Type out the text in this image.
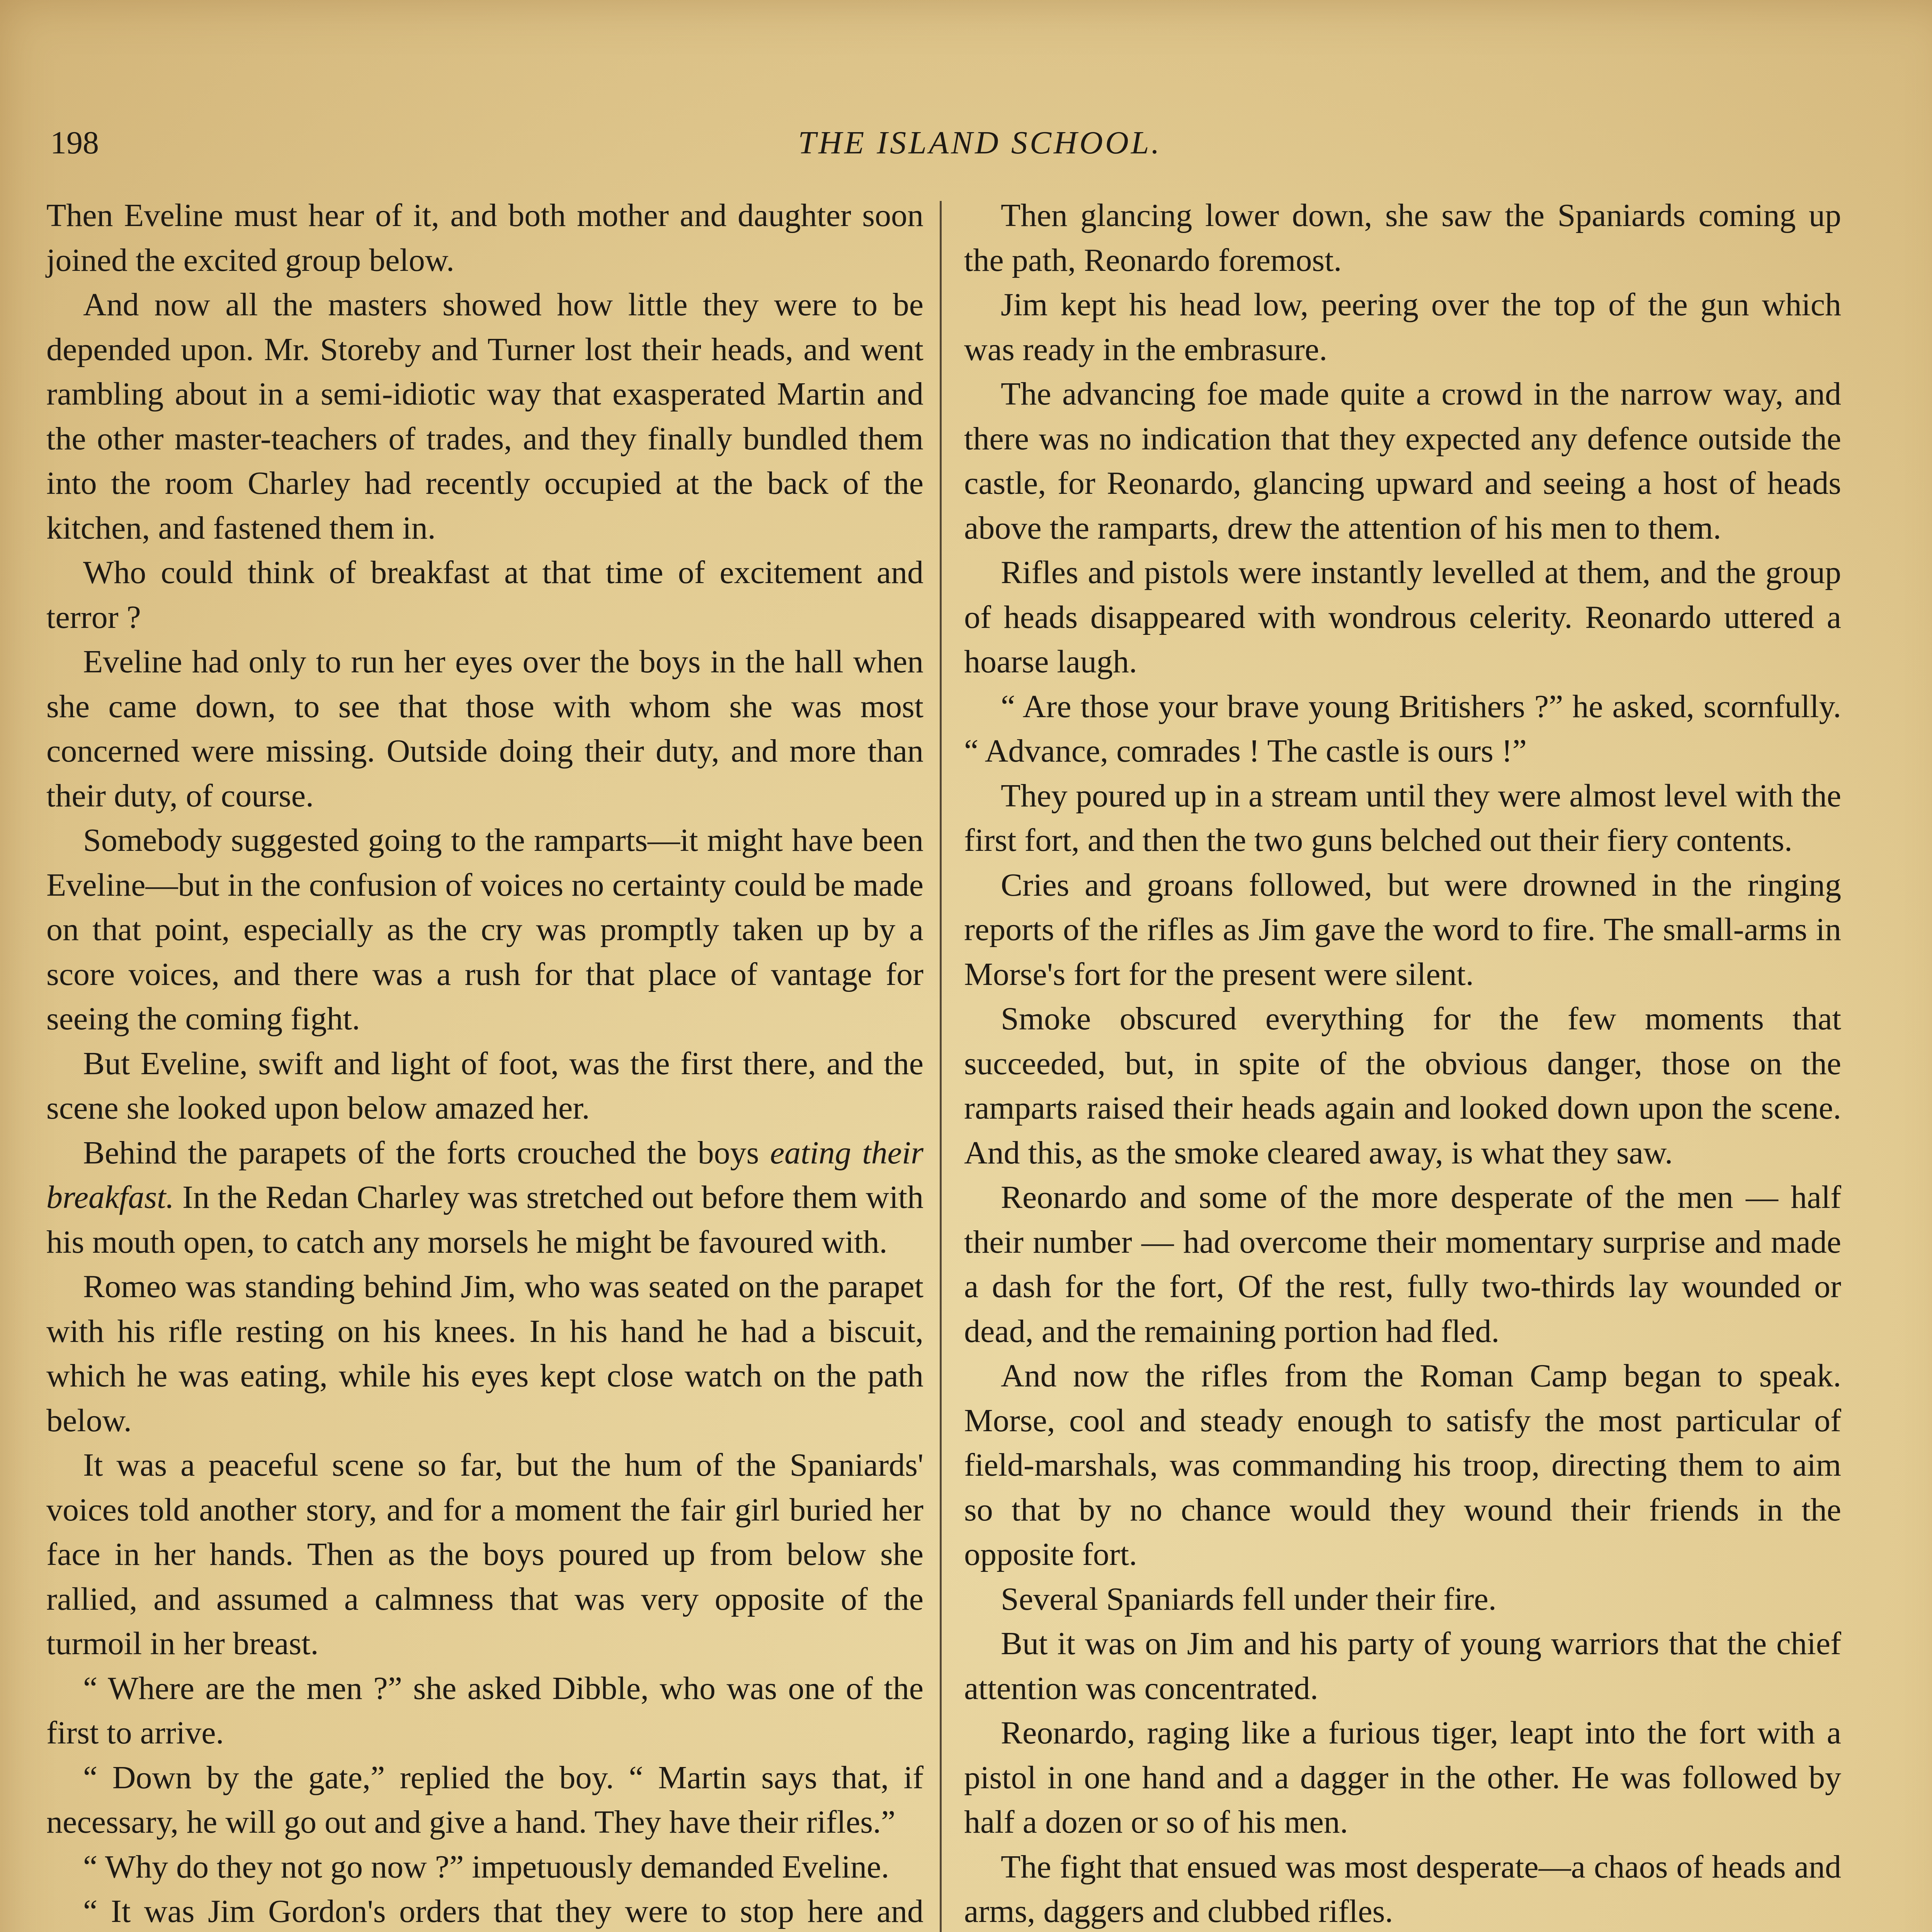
198	THE ISLAND SCHOOL.

Then Eveline must hear of it, and both mother and daughter soon joined the excited group below.

And now all the masters showed how little they were to be depended upon. Mr. Storeby and Turner lost their heads, and went rambling about in a semi-idiotic way that exasperated Martin and the other master-teachers of trades, and they finally bundled them into the room Charley had recently occupied at the back of the kitchen, and fastened them in.

Who could think of breakfast at that time of excitement and terror ?

Eveline had only to run her eyes over the boys in the hall when she came down, to see that those with whom she was most concerned were missing. Outside doing their duty, and more than their duty, of course.

Somebody suggested going to the ramparts—it might have been Eveline—but in the confusion of voices no certainty could be made on that point, especially as the cry was promptly taken up by a score voices, and there was a rush for that place of vantage for seeing the coming fight.

But Eveline, swift and light of foot, was the first there, and the scene she looked upon below amazed her.

Behind the parapets of the forts crouched the boys eating their breakfast. In the Redan Charley was stretched out before them with his mouth open, to catch any morsels he might be favoured with.

Romeo was standing behind Jim, who was seated on the parapet with his rifle resting on his knees. In his hand he had a biscuit, which he was eating, while his eyes kept close watch on the path below.

It was a peaceful scene so far, but the hum of the Spaniards' voices told another story, and for a moment the fair girl buried her face in her hands. Then as the boys poured up from below she rallied, and assumed a calmness that was very opposite of the turmoil in her breast.

“ Where are the men ?” she asked Dibble, who was one of the first to arrive.

“ Down by the gate,” replied the boy. “ Martin says that, if necessary, he will go out and give a hand. They have their rifles.”

“ Why do they not go now ?” impetuously demanded Eveline.

“ It was Jim Gordon's orders that they were to stop here and

Then glancing lower down, she saw the Spaniards coming up the path, Reonardo foremost.

Jim kept his head low, peering over the top of the gun which was ready in the embrasure.

The advancing foe made quite a crowd in the narrow way, and there was no indication that they expected any defence outside the castle, for Reonardo, glancing upward and seeing a host of heads above the ramparts, drew the attention of his men to them.

Rifles and pistols were instantly levelled at them, and the group of heads disappeared with wondrous celerity. Reonardo uttered a hoarse laugh.

“ Are those your brave young Britishers ?” he asked, scornfully. “ Advance, comrades ! The castle is ours !”

They poured up in a stream until they were almost level with the first fort, and then the two guns belched out their fiery contents.

Cries and groans followed, but were drowned in the ringing reports of the rifles as Jim gave the word to fire. The small-arms in Morse's fort for the present were silent.

Smoke obscured everything for the few moments that succeeded, but, in spite of the obvious danger, those on the ramparts raised their heads again and looked down upon the scene. And this, as the smoke cleared away, is what they saw.

Reonardo and some of the more desperate of the men — half their number — had overcome their momentary surprise and made a dash for the fort, Of the rest, fully two-thirds lay wounded or dead, and the remaining portion had fled.

And now the rifles from the Roman Camp began to speak. Morse, cool and steady enough to satisfy the most particular of field-marshals, was commanding his troop, directing them to aim so that by no chance would they wound their friends in the opposite fort.

Several Spaniards fell under their fire.

But it was on Jim and his party of young warriors that the chief attention was concentrated.

Reonardo, raging like a furious tiger, leapt into the fort with a pistol in one hand and a dagger in the other. He was followed by half a dozen or so of his men.

The fight that ensued was most desperate—a chaos of heads and arms, daggers and clubbed rifles.
